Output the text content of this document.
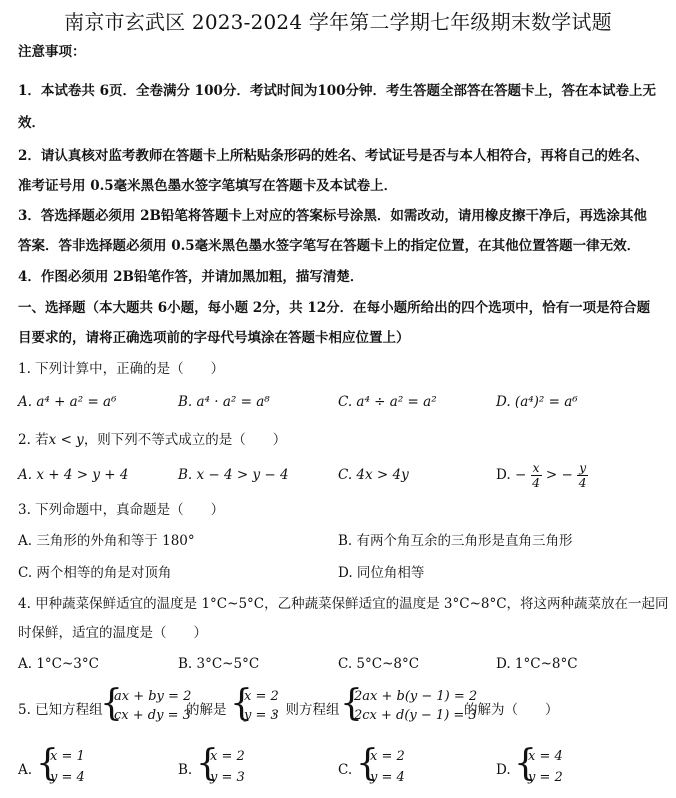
南京市玄武区 2023-2024 学年第二学期七年级期末数学试题
注意事项：
1．本试卷共 6页．全卷满分 100分．考试时间为100分钟．考生答题全部答在答题卡上，答在本试卷上无
效．
2．请认真核对监考教师在答题卡上所粘贴条形码的姓名、考试证号是否与本人相符合，再将自己的姓名、
准考证号用 0.5毫米黑色墨水签字笔填写在答题卡及本试卷上．
3．答选择题必须用 2B铅笔将答题卡上对应的答案标号涂黑．如需改动，请用橡皮擦干净后，再选涂其他
答案．答非选择题必须用 0.5毫米黑色墨水签字笔写在答题卡上的指定位置，在其他位置答题一律无效．
4．作图必须用 2B铅笔作答，并请加黑加粗，描写清楚．
一、选择题（本大题共 6小题，每小题 2分，共 12分．在每小题所给出的四个选项中，恰有一项是符合题
目要求的，请将正确选项前的字母代号填涂在答题卡相应位置上）
1. 下列计算中，正确的是（　　）
A. a⁴ + a² = a⁶	B. a⁴ · a² = a⁸	C. a⁴ ÷ a² = a²	D. (a⁴)² = a⁶
2. 若x < y，则下列不等式成立的是（　　）
A. x + 4 > y + 4	B. x − 4 > y − 4	C. 4x > 4y	D. − $\frac{x}{4}$ > − $\frac{y}{4}$
3. 下列命题中，真命题是（　　）
A. 三角形的外角和等于 180°	B. 有两个角互余的三角形是直角三角形
C. 两个相等的角是对顶角	D. 同位角相等
4. 甲种蔬菜保鲜适宜的温度是 1°C~5°C，乙种蔬菜保鲜适宜的温度是 3°C~8°C，将这两种蔬菜放在一起同
时保鲜，适宜的温度是（　　）
A. 1°C~3°C	B. 3°C~5°C	C. 5°C~8°C	D. 1°C~8°C
5. 已知方程组
{
ax + by = 2
cx + dy = 3
的解是 {
x = 2
y = 3
，则方程组 {
2ax + b(y − 1) = 2
2cx + d(y − 1) = 3
的解为（　　）
A. {
x = 1
y = 4	B. {
x = 2
y = 3	C. {
x = 2
y = 4	D. {
x = 4
y = 2
